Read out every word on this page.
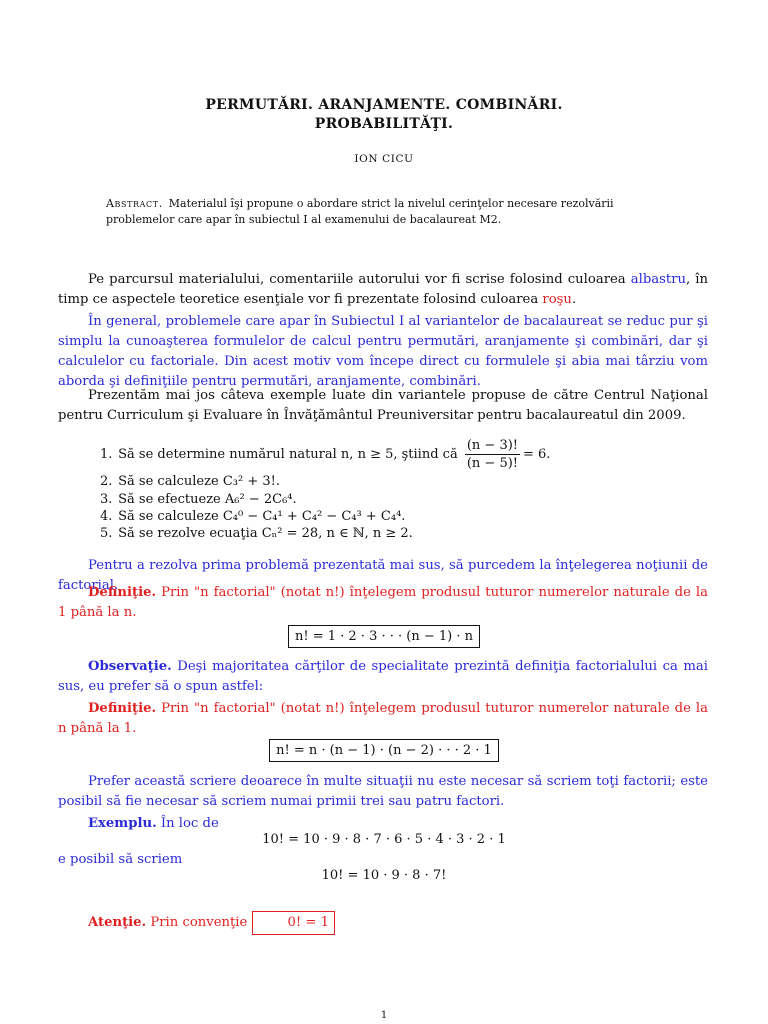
PERMUTĂRI. ARANJAMENTE. COMBINĂRI.
PROBABILITĂŢI.
ION CICU
Abstract. Materialul îşi propune o abordare strict la nivelul cerinţelor necesare rezolvării problemelor care apar în subiectul I al examenului de bacalaureat M2.

Pe parcursul materialului, comentariile autorului vor fi scrise folosind culoarea albastru, în timp ce aspectele teoretice esenţiale vor fi prezentate folosind culoarea roşu.

În general, problemele care apar în Subiectul I al variantelor de bacalaureat se reduc pur şi simplu la cunoaşterea formulelor de calcul pentru permutări, aranjamente şi combinări, dar şi calculelor cu factoriale. Din acest motiv vom începe direct cu formulele şi abia mai târziu vom aborda şi definiţiile pentru permutări, aranjamente, combinări.

Prezentăm mai jos câteva exemple luate din variantele propuse de către Centrul Naţional pentru Curriculum şi Evaluare în Învăţământul Preuniversitar pentru bacalaureatul din 2009.

1. Să se determine numărul natural n, n ≥ 5, ştiind că $\frac{(n - 3)!}{(n - 5)!} = 6$.
2. Să se calculeze C₃² + 3!.
3. Să se efectueze A₆² − 2C₆⁴.
4. Să se calculeze C₄⁰ − C₄¹ + C₄² − C₄³ + C₄⁴.
5. Să se rezolve ecuaţia Cₙ² = 28, n ∈ ℕ, n ≥ 2.

Pentru a rezolva prima problemă prezentată mai sus, să purcedem la înţelegerea noţiunii de factorial.

Definiţie. Prin "n factorial" (notat n!) înţelegem produsul tuturor numerelor naturale de la 1 până la n.

n! = 1 · 2 · 3 · · · (n − 1) · n

Observaţie. Deşi majoritatea cărţilor de specialitate prezintă definiţia factorialului ca mai sus, eu prefer să o spun astfel:

Definiţie. Prin "n factorial" (notat n!) înţelegem produsul tuturor numerelor naturale de la n până la 1.

n! = n · (n − 1) · (n − 2) · · · 2 · 1

Prefer această scriere deoarece în multe situaţii nu este necesar să scriem toţi factorii; este posibil să fie necesar să scriem numai primii trei sau patru factori.

Exemplu. În loc de

10! = 10 · 9 · 8 · 7 · 6 · 5 · 4 · 3 · 2 · 1

e posibil să scriem

10! = 10 · 9 · 8 · 7!

Atenţie. Prin convenţie	0! = 1

1
